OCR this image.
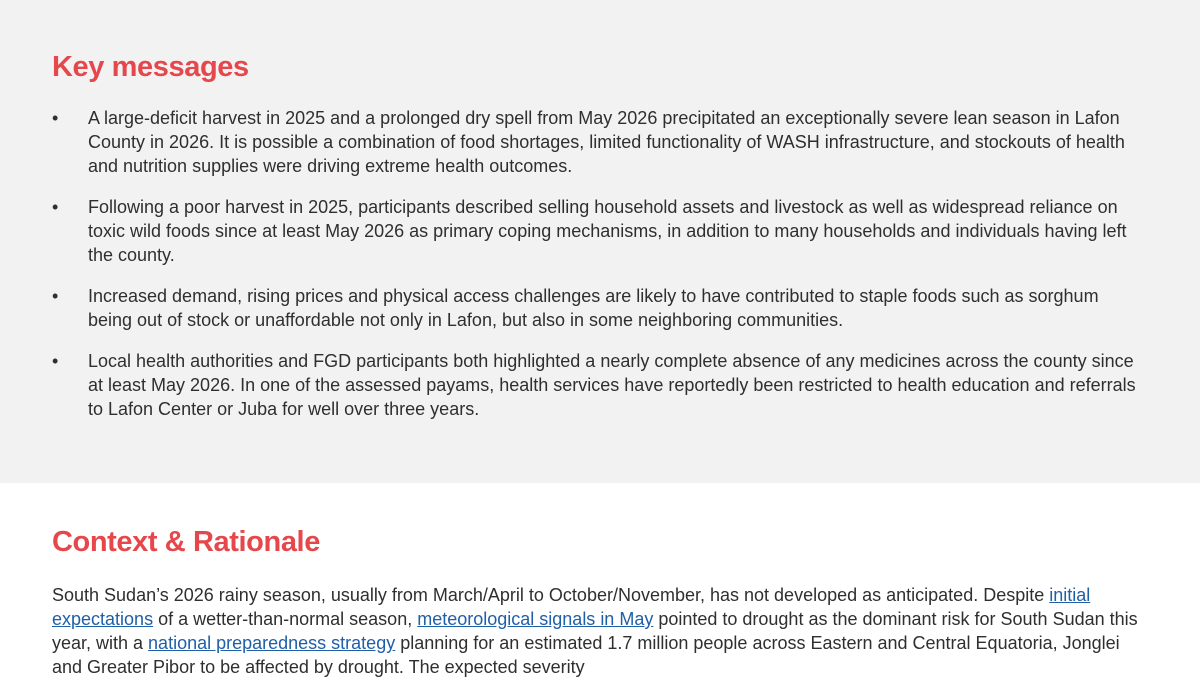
Key messages
•	A large-deficit harvest in 2025 and a prolonged dry spell from May 2026 precipitated an exceptionally severe lean season in Lafon County in 2026. It is possible a combination of food shortages, limited functionality of WASH infrastructure, and stockouts of health and nutrition supplies were driving extreme health outcomes.
•	Following a poor harvest in 2025, participants described selling household assets and livestock as well as widespread reliance on toxic wild foods since at least May 2026 as primary coping mechanisms, in addition to many households and individuals having left the county.
•	Increased demand, rising prices and physical access challenges are likely to have contributed to staple foods such as sorghum being out of stock or unaffordable not only in Lafon, but also in some neighboring communities.
•	Local health authorities and FGD participants both highlighted a nearly complete absence of any medicines across the county since at least May 2026. In one of the assessed payams, health services have reportedly been restricted to health education and referrals to Lafon Center or Juba for well over three years.
Context & Rationale

South Sudan’s 2026 rainy season, usually from March/April to October/November, has not developed as anticipated. Despite initial expectations of a wetter-than-normal season, meteorological signals in May pointed to drought as the dominant risk for South Sudan this year, with a national preparedness strategy planning for an estimated 1.7 million people across Eastern and Central Equatoria, Jonglei and Greater Pibor to be affected by drought. The expected severity
